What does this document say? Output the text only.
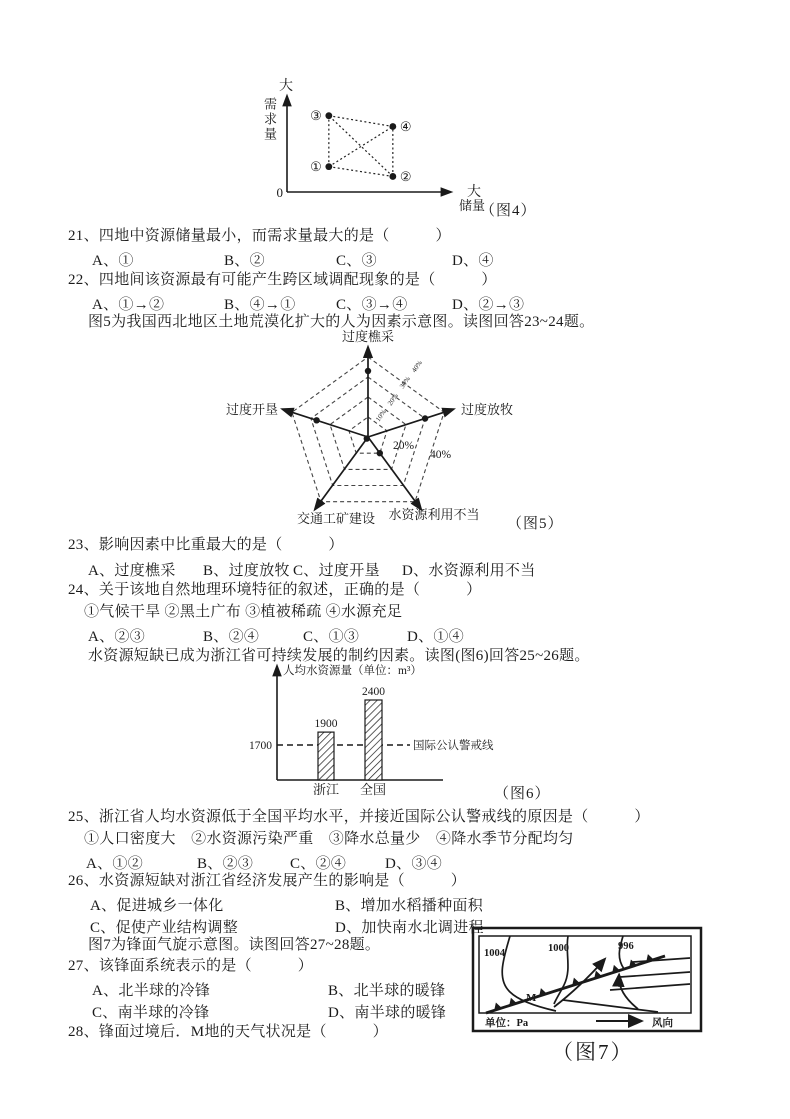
大
0	大
储量
①
②
③
④
需求量
（图4）
21、四地中资源储量最小，而需求量最大的是（　　　）
A、①	B、②	C、③	D、④
22、四地间该资源最有可能产生跨区域调配现象的是（　　　）
A、①→②	B、④→①	C、③→④	D、②→③
图5为我国西北地区土地荒漠化扩大的人为因素示意图。读图回答23~24题。
过度樵采
过度放牧
过度开垦
水资源利用不当
交通工矿建设
20%
40%
10%
20%
30%
40%
（图5）
23、影响因素中比重最大的是（　　　）
A、过度樵采 B、过度放牧 C、过度开垦 D、水资源利用不当
24、关于该地自然地理环境特征的叙述，正确的是（　　　）
①气候干旱 ②黑土广布 ③植被稀疏 ④水源充足
A、②③	B、②④	C、①③	D、①④
水资源短缺已成为浙江省可持续发展的制约因素。读图(图6)回答25~26题。
人均水资源量（单位：m³）
国际公认警戒线
1700
1900
2400
浙江 全国	（图6）
25、浙江省人均水资源低于全国平均水平，并接近国际公认警戒线的原因是（　　　）
①人口密度大　②水资源污染严重　③降水总量少　④降水季节分配均匀
A、①②	B、②③ C、②④	D、③④
26、水资源短缺对浙江省经济发展产生的影响是（　　　）
A、促进城乡一体化	B、增加水稻播种面积
C、促使产业结构调整	D、加快南水北调进程
图7为锋面气旋示意图。读图回答27~28题。
27、该锋面系统表示的是（　　　）
A、北半球的冷锋	B、北半球的暖锋
C、南半球的冷锋	D、南半球的暖锋
28、锋面过境后．M地的天气状况是（　　　）
1004	1000	996
M
单位：Pa	风向
（图7）
